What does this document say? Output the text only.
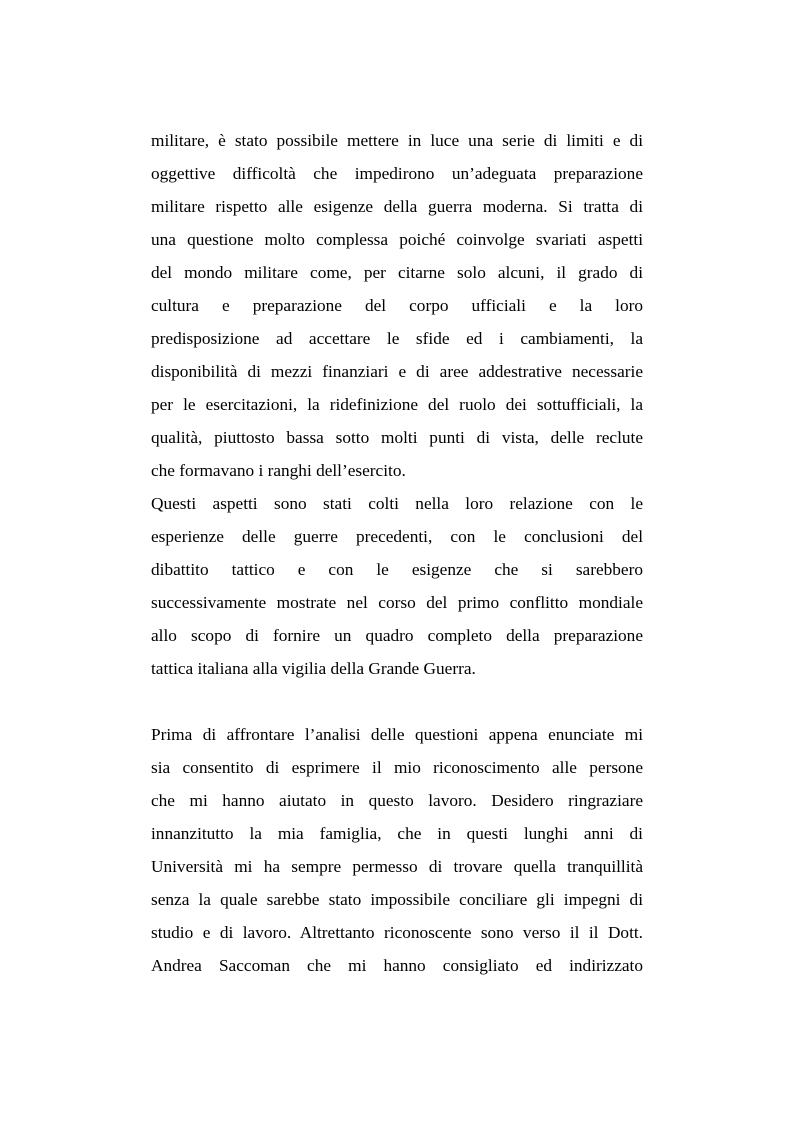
militare, è stato possibile mettere in luce una serie di limiti e di
oggettive difficoltà che impedirono un’adeguata preparazione
militare rispetto alle esigenze della guerra moderna. Si tratta di
una questione molto complessa poiché coinvolge svariati aspetti
del mondo militare come, per citarne solo alcuni, il grado di
cultura e preparazione del corpo ufficiali e la loro
predisposizione ad accettare le sfide ed i cambiamenti, la
disponibilità di mezzi finanziari e di aree addestrative necessarie
per le esercitazioni, la ridefinizione del ruolo dei sottufficiali, la
qualità, piuttosto bassa sotto molti punti di vista, delle reclute
che formavano i ranghi dell’esercito.
Questi aspetti sono stati colti nella loro relazione con le
esperienze delle guerre precedenti, con le conclusioni del
dibattito tattico e con le esigenze che si sarebbero
successivamente mostrate nel corso del primo conflitto mondiale
allo scopo di fornire un quadro completo della preparazione
tattica italiana alla vigilia della Grande Guerra.
Prima di affrontare l’analisi delle questioni appena enunciate mi
sia consentito di esprimere il mio riconoscimento alle persone
che mi hanno aiutato in questo lavoro. Desidero ringraziare
innanzitutto la mia famiglia, che in questi lunghi anni di
Università mi ha sempre permesso di trovare quella tranquillità
senza la quale sarebbe stato impossibile conciliare gli impegni di
studio e di lavoro. Altrettanto riconoscente sono verso il il Dott.
Andrea Saccoman che mi hanno consigliato ed indirizzato
